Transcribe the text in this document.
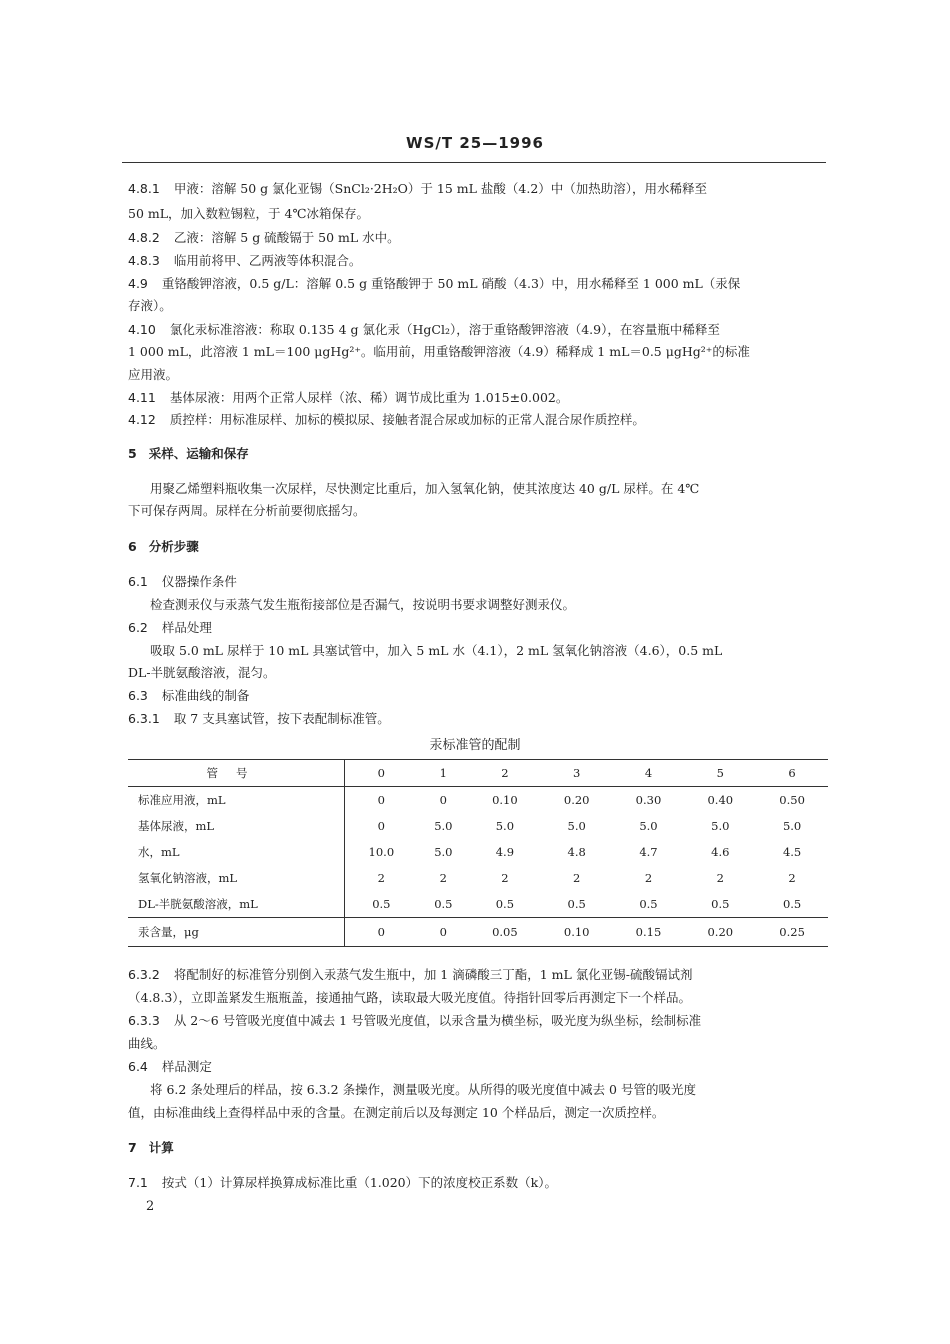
WS/T 25—1996
4.8.1 甲液：溶解 50 g 氯化亚锡（SnCl₂·2H₂O）于 15 mL 盐酸（4.2）中（加热助溶），用水稀释至
50 mL，加入数粒锡粒，于 4℃冰箱保存。
4.8.2 乙液：溶解 5 g 硫酸镉于 50 mL 水中。
4.8.3 临用前将甲、乙两液等体积混合。
4.9 重铬酸钾溶液，0.5 g/L：溶解 0.5 g 重铬酸钾于 50 mL 硝酸（4.3）中，用水稀释至 1 000 mL（汞保
存液）。
4.10 氯化汞标准溶液：称取 0.135 4 g 氯化汞（HgCl₂），溶于重铬酸钾溶液（4.9），在容量瓶中稀释至
1 000 mL，此溶液 1 mL＝100 μgHg²⁺。临用前，用重铬酸钾溶液（4.9）稀释成 1 mL＝0.5 μgHg²⁺的标准
应用液。
4.11 基体尿液：用两个正常人尿样（浓、稀）调节成比重为 1.015±0.002。
4.12 质控样：用标准尿样、加标的模拟尿、接触者混合尿或加标的正常人混合尿作质控样。
5 采样、运输和保存
用聚乙烯塑料瓶收集一次尿样，尽快测定比重后，加入氢氧化钠，使其浓度达 40 g/L 尿样。在 4℃
下可保存两周。尿样在分析前要彻底摇匀。
6 分析步骤
6.1 仪器操作条件
检查测汞仪与汞蒸气发生瓶衔接部位是否漏气，按说明书要求调整好测汞仪。
6.2 样品处理
吸取 5.0 mL 尿样于 10 mL 具塞试管中，加入 5 mL 水（4.1），2 mL 氢氧化钠溶液（4.6），0.5 mL
DL-半胱氨酸溶液，混匀。
6.3 标准曲线的制备
6.3.1 取 7 支具塞试管，按下表配制标准管。
汞标准管的配制
管号	0	1	2	3	4	5	6
标准应用液，mL	0	0	0.10	0.20	0.30	0.40	0.50
基体尿液，mL	0	5.0	5.0	5.0	5.0	5.0	5.0
水，mL	10.0	5.0	4.9	4.8	4.7	4.6	4.5
氢氧化钠溶液，mL	2	2	2	2	2	2	2
DL-半胱氨酸溶液，mL	0.5	0.5	0.5	0.5	0.5	0.5	0.5
汞含量，μg	0	0	0.05	0.10	0.15	0.20	0.25
6.3.2 将配制好的标准管分别倒入汞蒸气发生瓶中，加 1 滴磷酸三丁酯，1 mL 氯化亚锡-硫酸镉试剂
（4.8.3），立即盖紧发生瓶瓶盖，接通抽气路，读取最大吸光度值。待指针回零后再测定下一个样品。
6.3.3 从 2～6 号管吸光度值中减去 1 号管吸光度值，以汞含量为横坐标，吸光度为纵坐标，绘制标准
曲线。
6.4 样品测定
将 6.2 条处理后的样品，按 6.3.2 条操作，测量吸光度。从所得的吸光度值中减去 0 号管的吸光度
值，由标准曲线上查得样品中汞的含量。在测定前后以及每测定 10 个样品后，测定一次质控样。
7 计算
7.1 按式（1）计算尿样换算成标准比重（1.020）下的浓度校正系数（k）。
2
